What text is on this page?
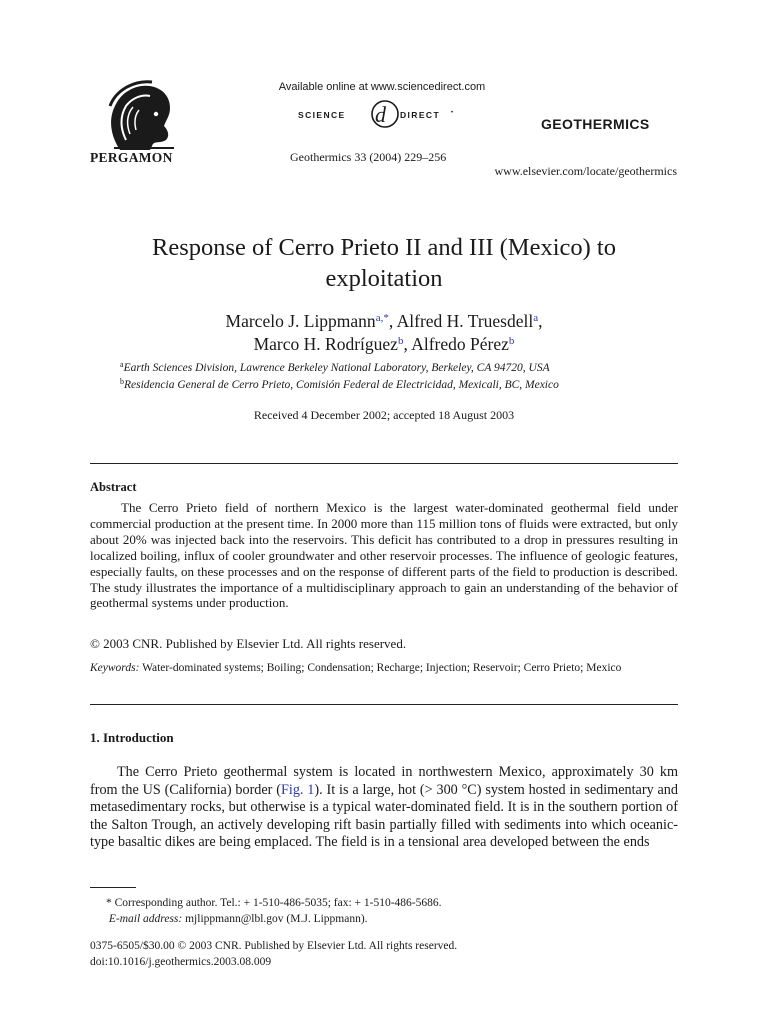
PERGAMON
Available online at www.sciencedirect.com
SCIENCE d DIRECT •
GEOTHERMICS
Geothermics 33 (2004) 229–256
www.elsevier.com/locate/geothermics
Response of Cerro Prieto II and III (Mexico) to
exploitation
Marcelo J. Lippmann$^{a,*}$, Alfred H. Truesdell$^a$,
Marco H. Rodríguez$^b$, Alfredo Pérez$^b$
$^a$Earth Sciences Division, Lawrence Berkeley National Laboratory, Berkeley, CA 94720, USA
$^b$Residencia General de Cerro Prieto, Comisión Federal de Electricidad, Mexicali, BC, Mexico
Received 4 December 2002; accepted 18 August 2003
Abstract
The Cerro Prieto field of northern Mexico is the largest water-dominated geothermal field under commercial production at the present time. In 2000 more than 115 million tons of fluids were extracted, but only about 20% was injected back into the reservoirs. This deficit has contributed to a drop in pressures resulting in localized boiling, influx of cooler groundwater and other reservoir processes. The influence of geologic features, especially faults, on these processes and on the response of different parts of the field to production is described. The study illustrates the importance of a multidisciplinary approach to gain an understanding of the behavior of geothermal systems under production.
© 2003 CNR. Published by Elsevier Ltd. All rights reserved.
Keywords: Water-dominated systems; Boiling; Condensation; Recharge; Injection; Reservoir; Cerro Prieto; Mexico
1. Introduction
The Cerro Prieto geothermal system is located in northwestern Mexico, approximately 30 km from the US (California) border (Fig. 1). It is a large, hot (> 300 °C) system hosted in sedimentary and metasedimentary rocks, but otherwise is a typical water-dominated field. It is in the southern portion of the Salton Trough, an actively developing rift basin partially filled with sediments into which oceanic-type basaltic dikes are being emplaced. The field is in a tensional area developed between the ends
* Corresponding author. Tel.: + 1-510-486-5035; fax: + 1-510-486-5686.
E-mail address: mjlippmann@lbl.gov (M.J. Lippmann).
0375-6505/$30.00 © 2003 CNR. Published by Elsevier Ltd. All rights reserved.
doi:10.1016/j.geothermics.2003.08.009
